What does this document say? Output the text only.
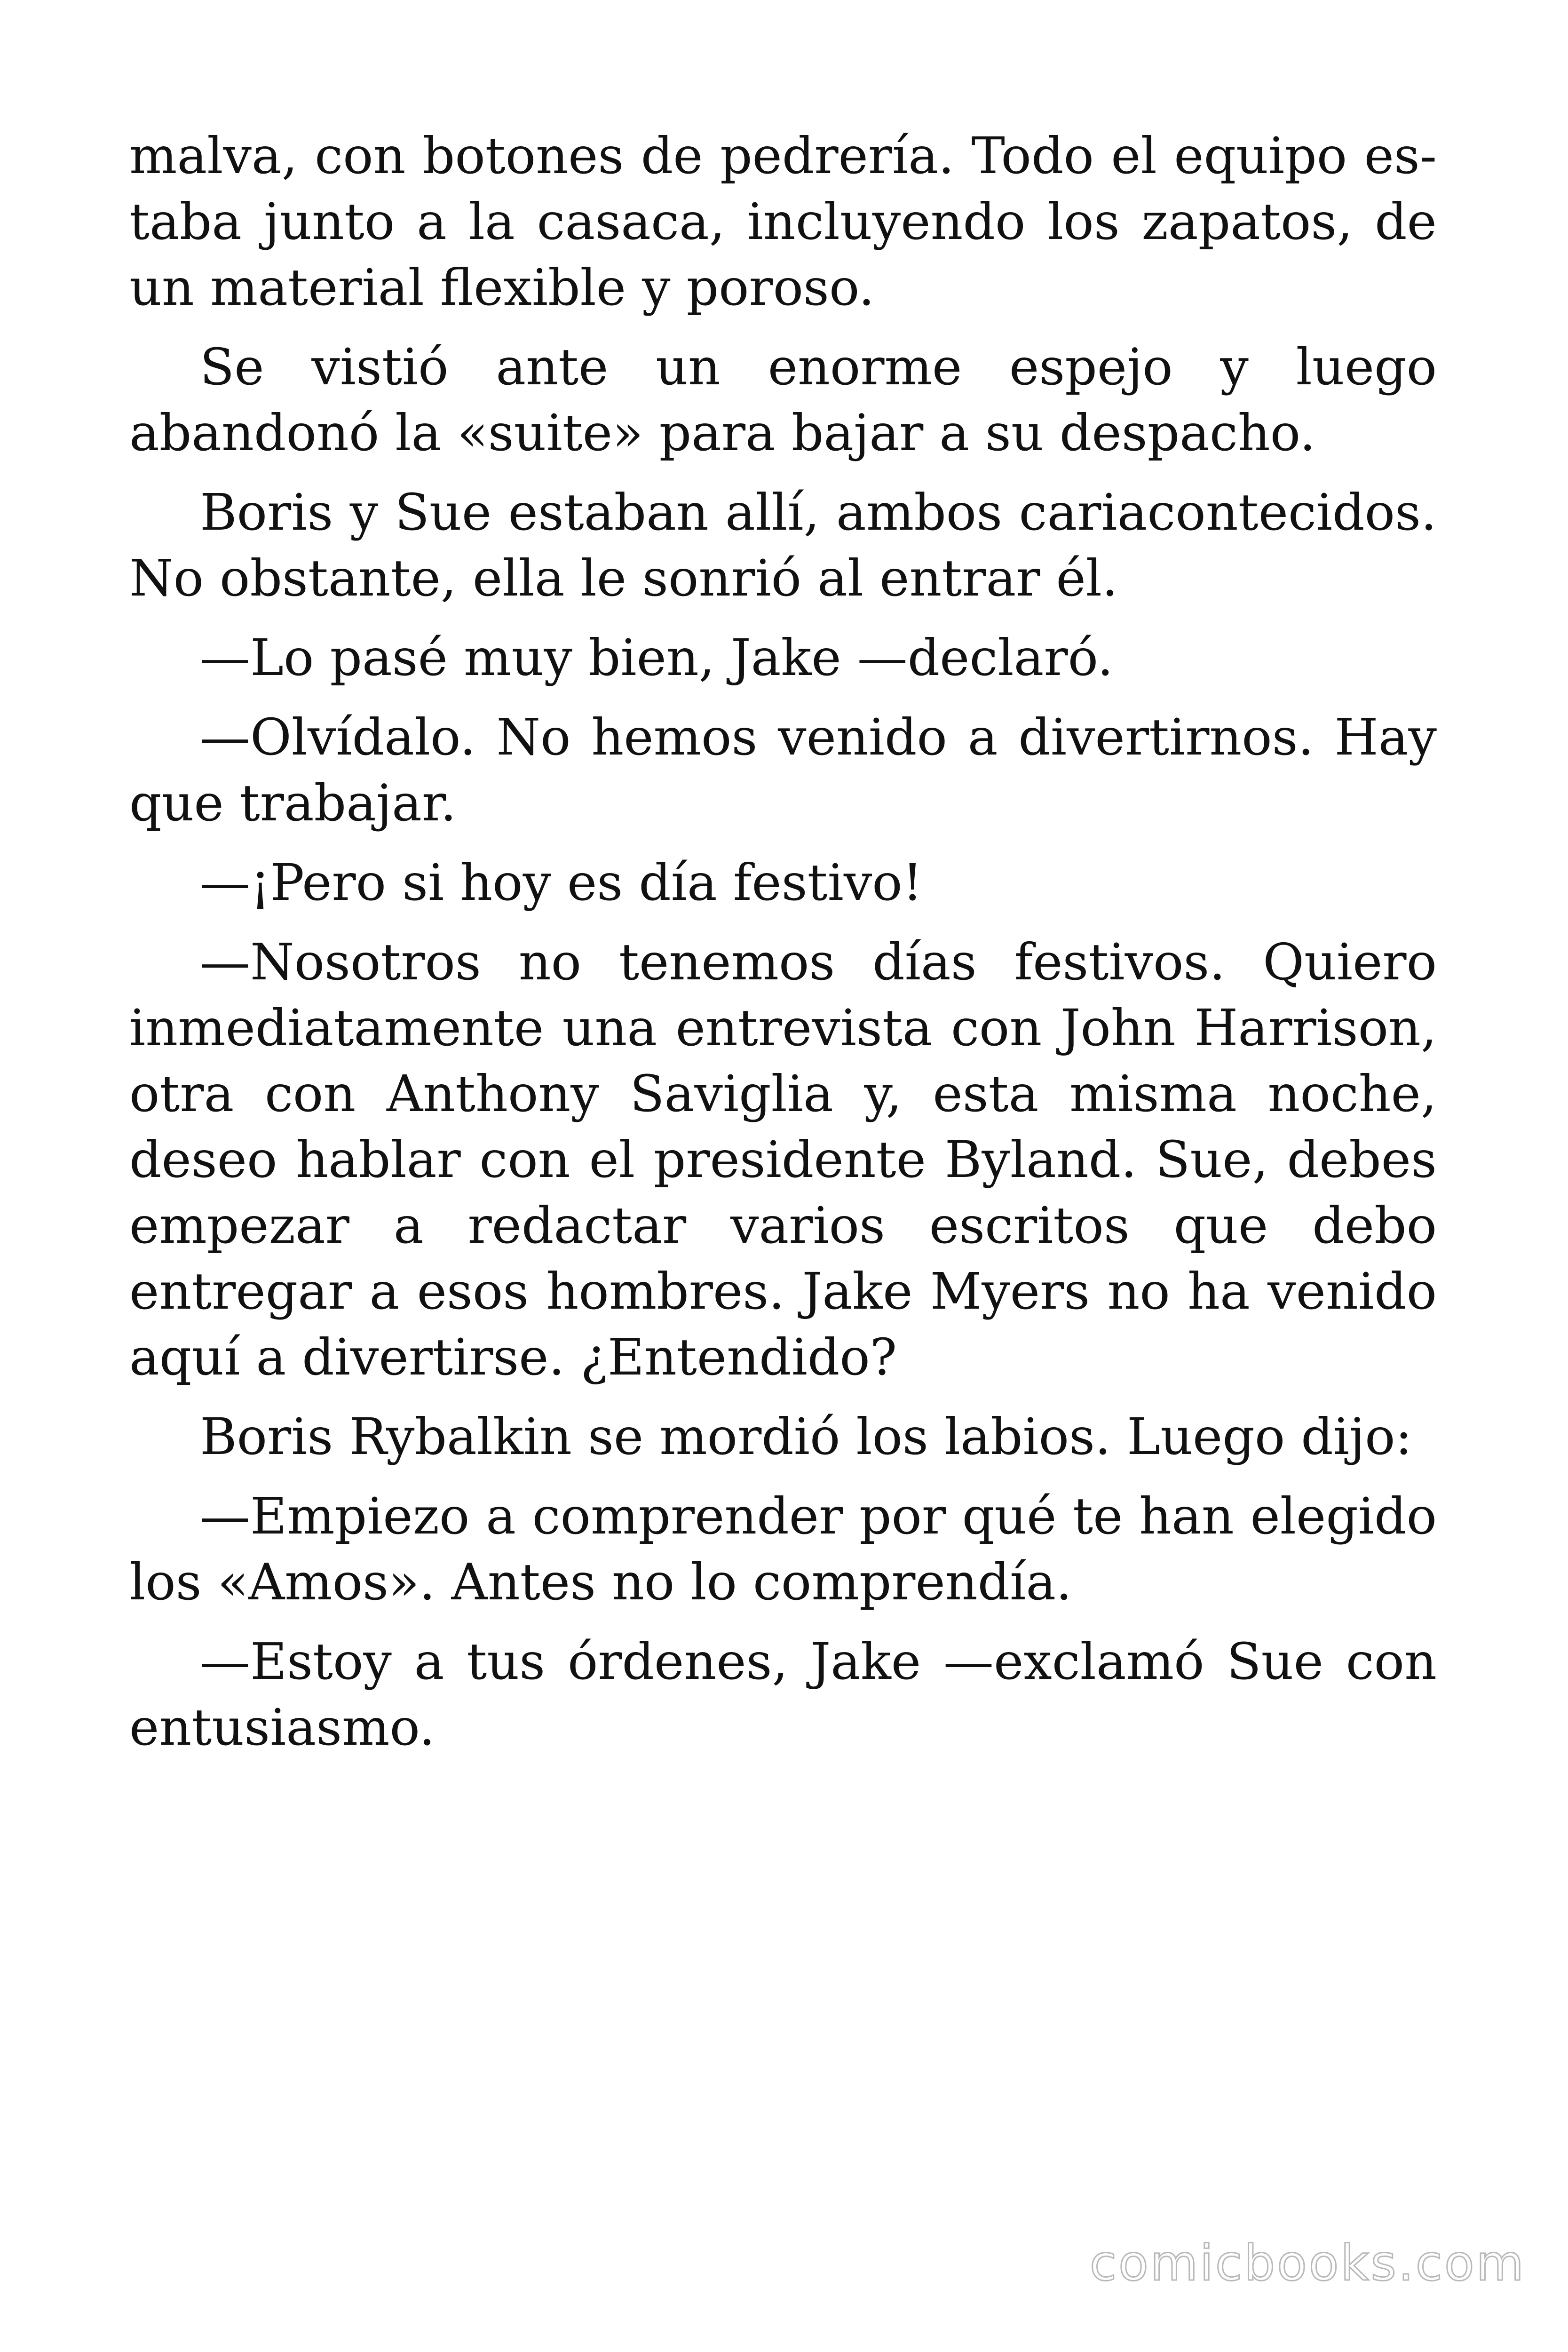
malva, con botones de pedrería. Todo el equipo estaba junto a la casaca, incluyendo los zapatos, de un material flexible y poroso.

Se vistió ante un enorme espejo y luego abandonó la «suite» para bajar a su despacho.

Boris y Sue estaban allí, ambos cariacontecidos. No obstante, ella le sonrió al entrar él.

—Lo pasé muy bien, Jake —declaró.

—Olvídalo. No hemos venido a divertirnos. Hay que trabajar.

—¡Pero si hoy es día festivo!

—Nosotros no tenemos días festivos. Quiero inmediatamente una entrevista con John Harrison, otra con Anthony Saviglia y, esta misma noche, deseo hablar con el presidente Byland. Sue, debes empezar a redactar varios escritos que debo entregar a esos hombres. Jake Myers no ha venido aquí a divertirse. ¿Entendido?

Boris Rybalkin se mordió los labios. Luego dijo:

—Empiezo a comprender por qué te han elegido los «Amos». Antes no lo comprendía.

—Estoy a tus órdenes, Jake —exclamó Sue con entusiasmo.

comicbooks.com
